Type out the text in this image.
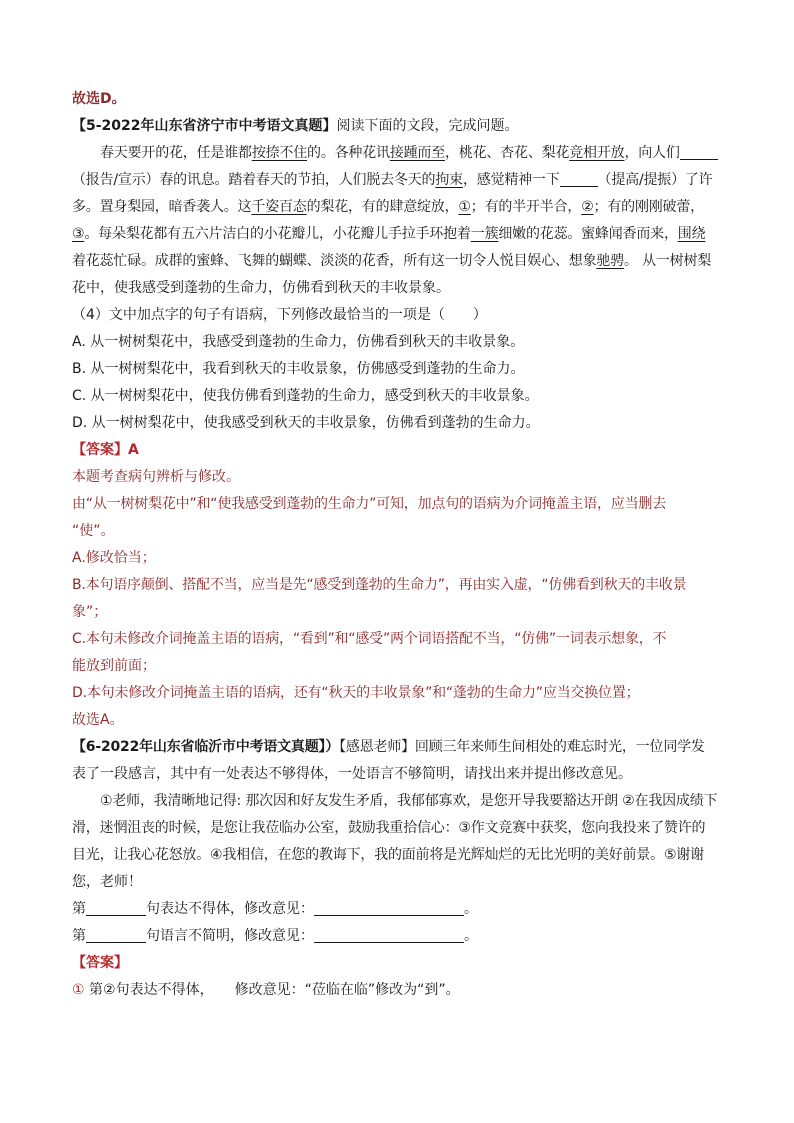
故选D。

【5-2022年山东省济宁市中考语文真题】阅读下面的文段，完成问题。

春天要开的花，任是谁都按捺不住的。各种花讯接踵而至，桃花、杏花、梨花竞相开放，向人们

（报告/宣示）春的讯息。踏着春天的节拍，人们脱去冬天的拘束，感觉精神一下	（提高/提振）了许

多。置身梨园，暗香袭人。这千姿百态的梨花，有的肆意绽放，①；有的半开半合，②；有的刚刚破蕾，

③。每朵梨花都有五六片洁白的小花瓣儿，小花瓣儿手拉手环抱着一簇细嫩的花蕊。蜜蜂闻香而来，围绕

着花蕊忙碌。成群的蜜蜂、飞舞的蝴蝶、淡淡的花香，所有这一切令人悦目娱心、想象驰骋。 从一树树梨

花中，使我感受到蓬勃的生命力，仿佛看到秋天的丰收景象。

（4）文中加点字的句子有语病，下列修改最恰当的一项是（　　）

A. 从一树树梨花中，我感受到蓬勃的生命力，仿佛看到秋天的丰收景象。

B. 从一树树梨花中，我看到秋天的丰收景象，仿佛感受到蓬勃的生命力。

C. 从一树树梨花中，使我仿佛看到蓬勃的生命力，感受到秋天的丰收景象。

D. 从一树树梨花中，使我感受到秋天的丰收景象，仿佛看到蓬勃的生命力。

【答案】A

本题考查病句辨析与修改。

由“从一树树梨花中”和“使我感受到蓬勃的生命力”可知，加点句的语病为介词掩盖主语，应当删去

“使”。

A.修改恰当；

B.本句语序颠倒、搭配不当，应当是先“感受到蓬勃的生命力”，再由实入虚，“仿佛看到秋天的丰收景

象”；

C.本句未修改介词掩盖主语的语病，“看到”和“感受”两个词语搭配不当，“仿佛”一词表示想象，不

能放到前面；

D.本句未修改介词掩盖主语的语病，还有“秋天的丰收景象”和“蓬勃的生命力”应当交换位置；

故选A。

【6-2022年山东省临沂市中考语文真题】）【感恩老师】回顾三年来师生间相处的难忘时光，一位同学发

表了一段感言，其中有一处表达不够得体，一处语言不够简明，请找出来并提出修改意见。

①老师，我清晰地记得: 那次因和好友发生矛盾，我郁郁寡欢，是您开导我要豁达开朗 ②在我因成绩下

滑，迷惘沮丧的时候，是您让我莅临办公室，鼓励我重拾信心：③作文竞赛中获奖，您向我投来了赞许的

目光，让我心花怒放。④我相信，在您的教诲下，我的面前将是光辉灿烂的无比光明的美好前景。⑤谢谢

您，老师！

第	句表达不得体，修改意见：	。

第	句语言不简明，修改意见：	。

【答案】

① 第②句表达不得体，　　修改意见：“莅临在临”修改为“到”。
